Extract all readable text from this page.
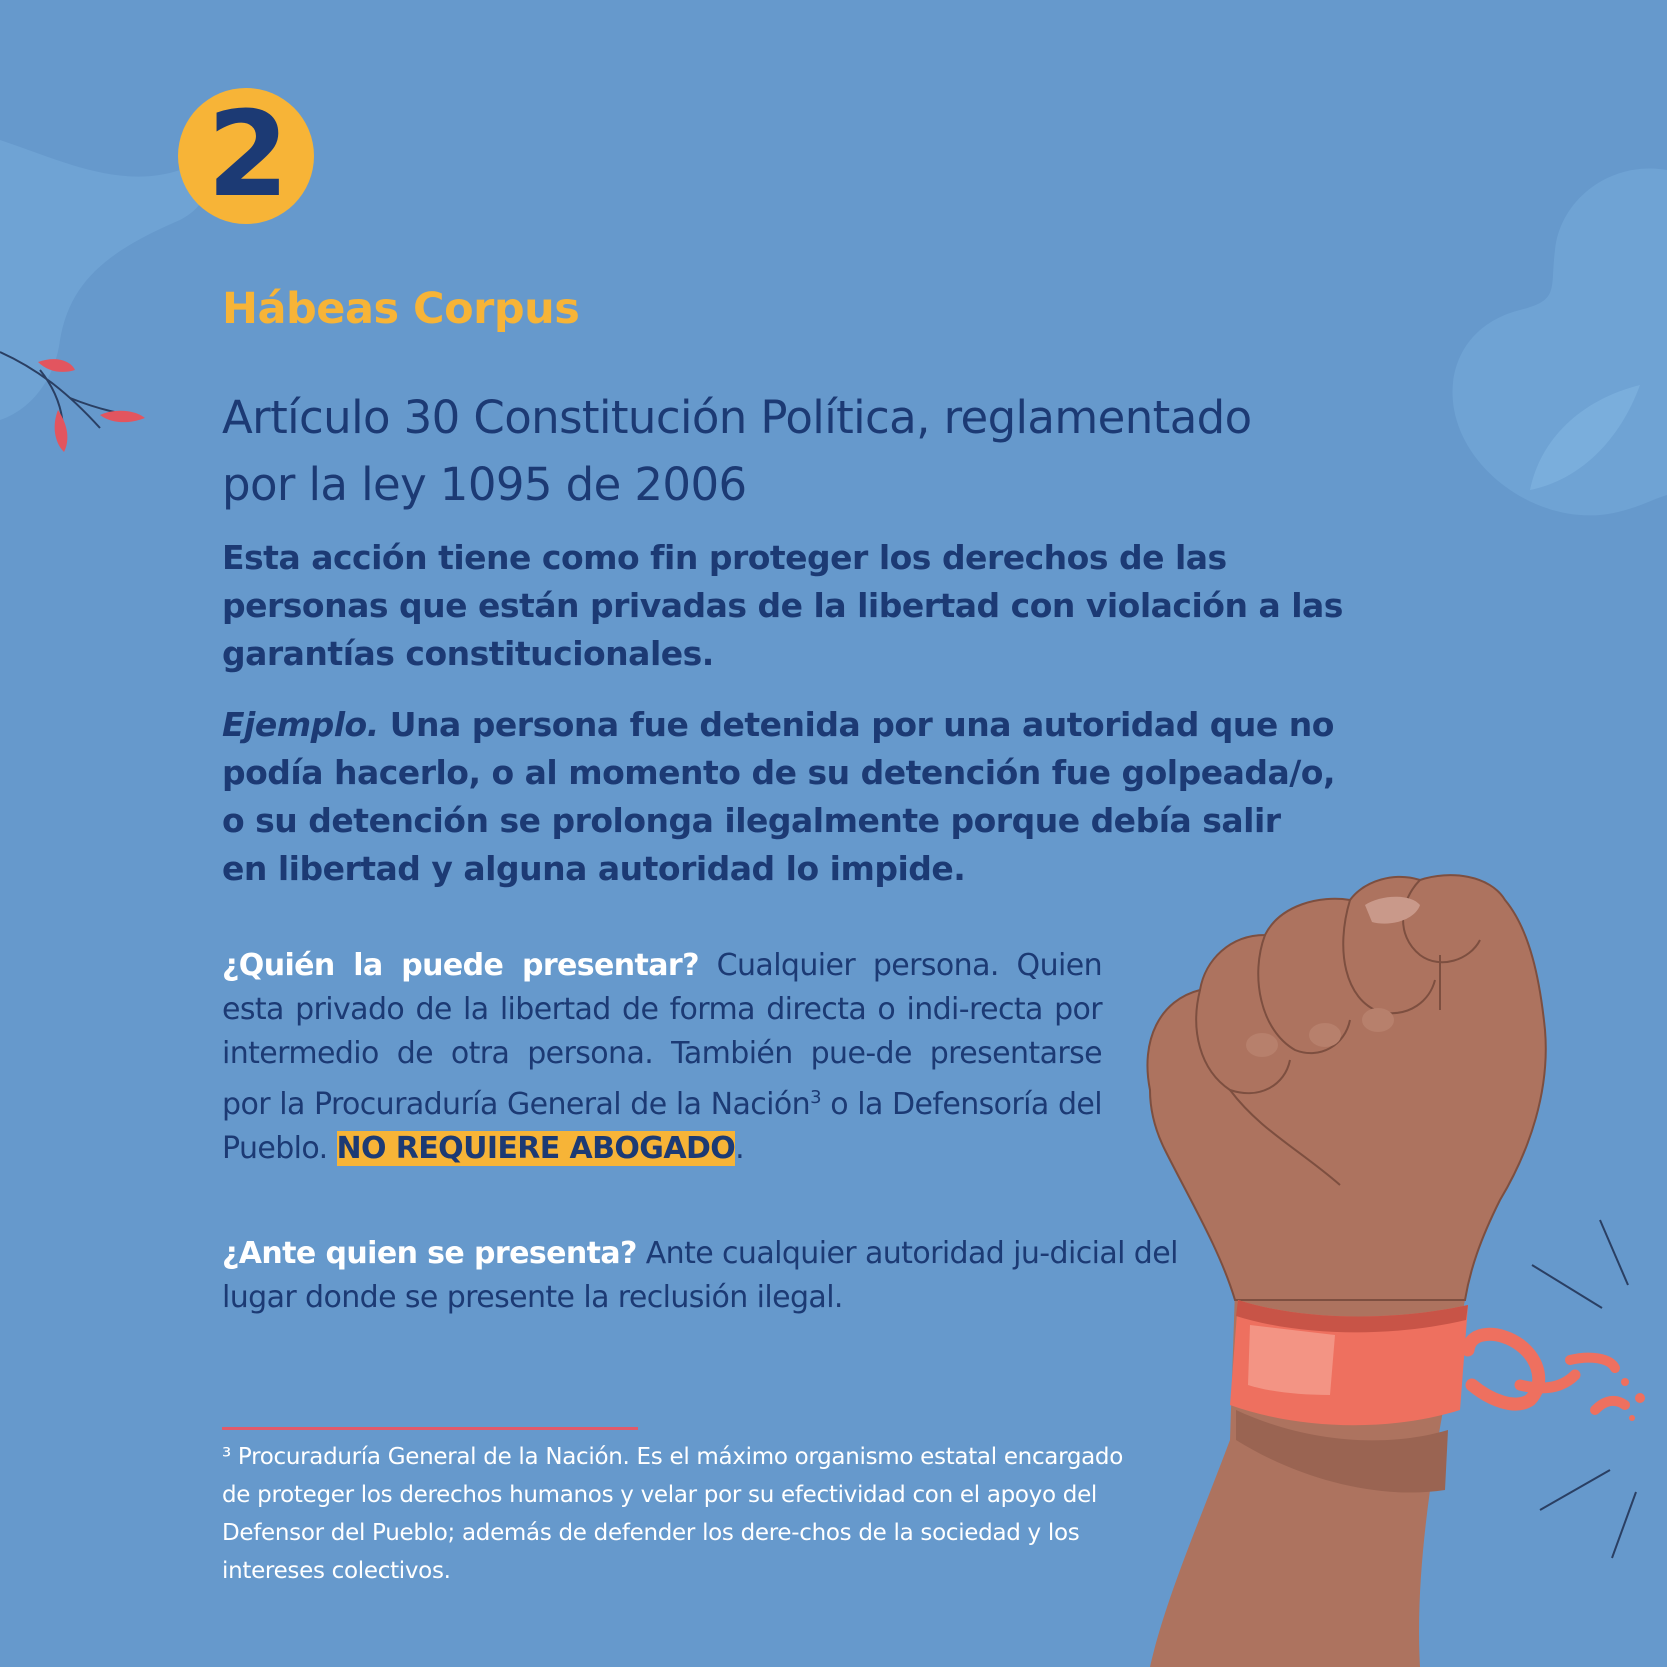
2
Hábeas Corpus
Artículo 30 Constitución Política, reglamentado
por la ley 1095 de 2006

Esta acción tiene como fin proteger los derechos de las
personas que están privadas de la libertad con violación a las
garantías constitucionales.

Ejemplo. Una persona fue detenida por una autoridad que no
podía hacerlo, o al momento de su detención fue golpeada/o,
o su detención se prolonga ilegalmente porque debía salir
en libertad y alguna autoridad lo impide.

¿Quién la puede presentar? Cualquier persona. Quien esta privado de la libertad de forma directa o indi-recta por intermedio de otra persona. También pue-de presentarse por la Procuraduría General de la Nación$^3$ o la Defensoría del Pueblo. NO REQUIERE ABOGADO.

¿Ante quien se presenta? Ante cualquier autoridad ju-dicial del lugar donde se presente la reclusión ilegal.

³ Procuraduría General de la Nación. Es el máximo organismo estatal encargado de proteger los derechos humanos y velar por su efectividad con el apoyo del Defensor del Pueblo; además de defender los dere-chos de la sociedad y los intereses colectivos.
